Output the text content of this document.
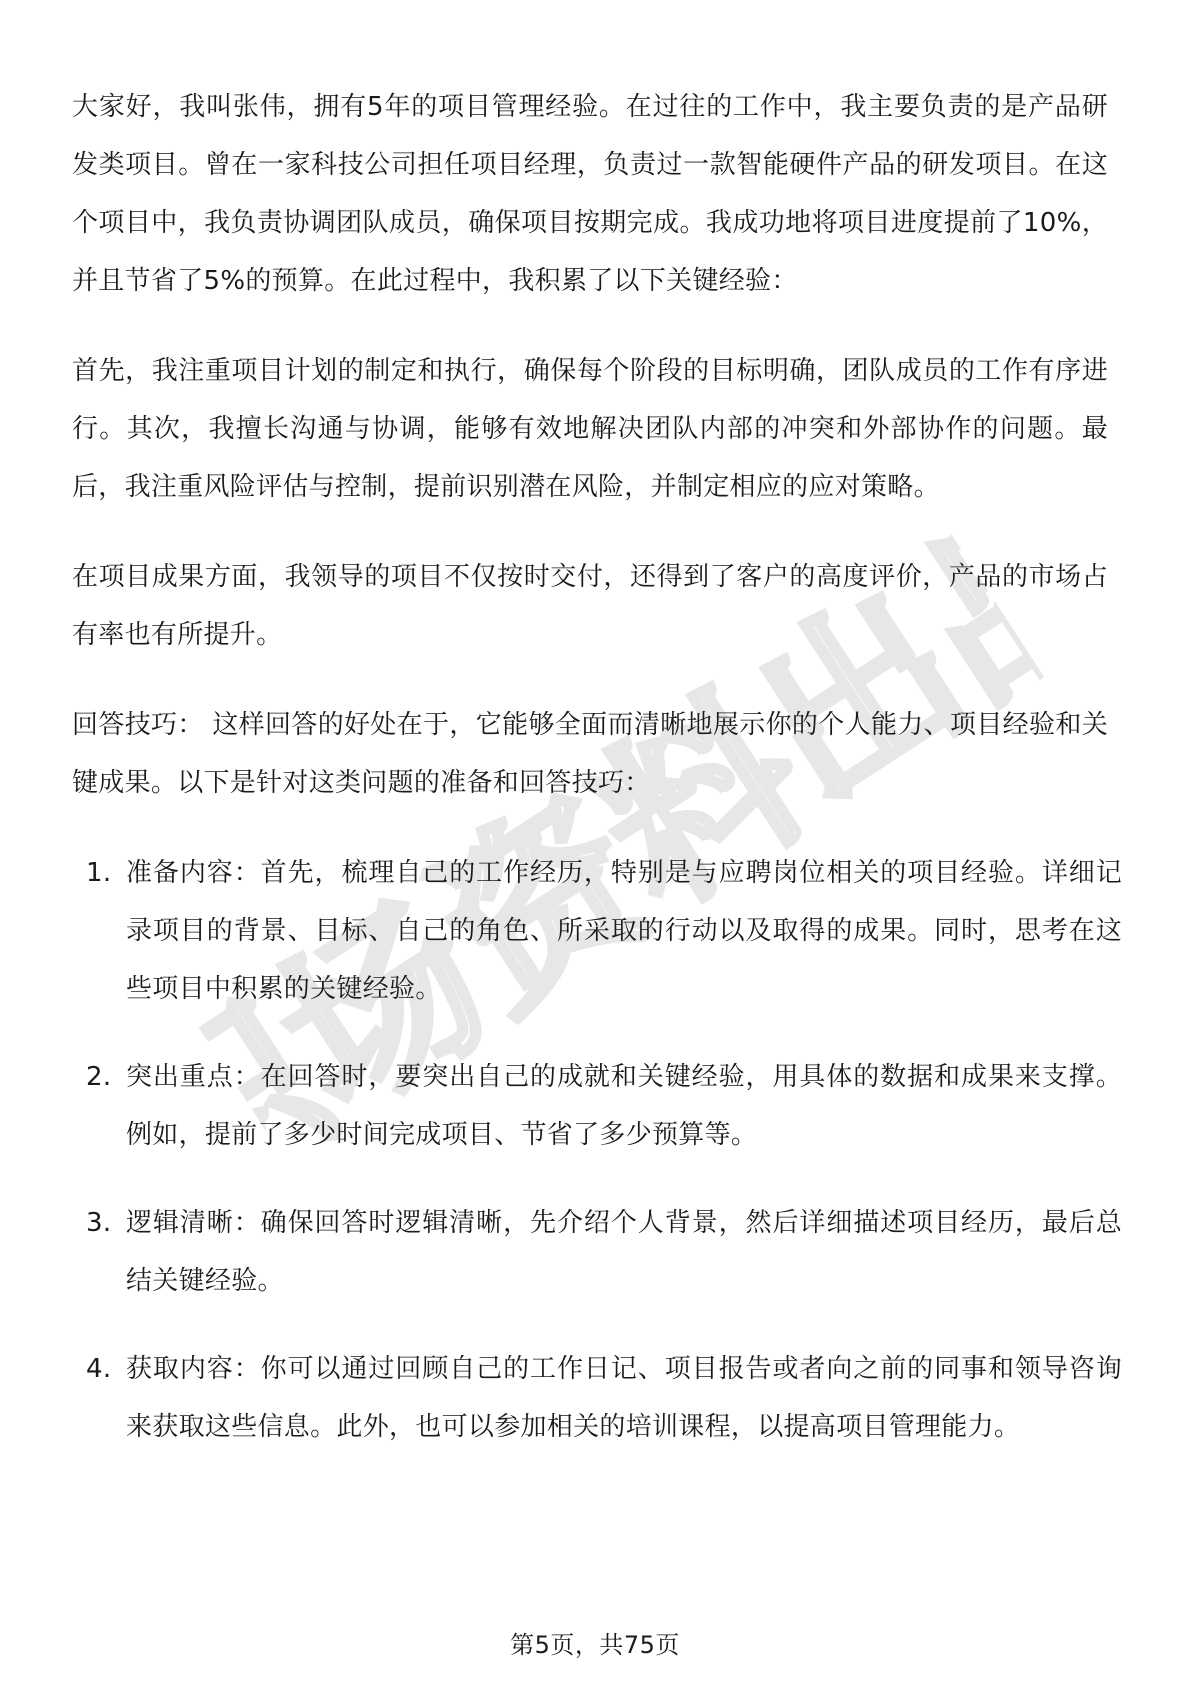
职场资料出品

大家好，我叫张伟，拥有5年的项目管理经验。在过往的工作中，我主要负责的是产品研发类项目。曾在一家科技公司担任项目经理，负责过一款智能硬件产品的研发项目。在这个项目中，我负责协调团队成员，确保项目按期完成。我成功地将项目进度提前了10%，并且节省了5%的预算。在此过程中，我积累了以下关键经验：

首先，我注重项目计划的制定和执行，确保每个阶段的目标明确，团队成员的工作有序进行。其次，我擅长沟通与协调，能够有效地解决团队内部的冲突和外部协作的问题。最后，我注重风险评估与控制，提前识别潜在风险，并制定相应的应对策略。

在项目成果方面，我领导的项目不仅按时交付，还得到了客户的高度评价，产品的市场占有率也有所提升。

回答技巧： 这样回答的好处在于，它能够全面而清晰地展示你的个人能力、项目经验和关键成果。以下是针对这类问题的准备和回答技巧：

1. 准备内容：首先，梳理自己的工作经历，特别是与应聘岗位相关的项目经验。详细记录项目的背景、目标、自己的角色、所采取的行动以及取得的成果。同时，思考在这些项目中积累的关键经验。
2. 突出重点：在回答时，要突出自己的成就和关键经验，用具体的数据和成果来支撑。例如，提前了多少时间完成项目、节省了多少预算等。
3. 逻辑清晰：确保回答时逻辑清晰，先介绍个人背景，然后详细描述项目经历，最后总结关键经验。
4. 获取内容：你可以通过回顾自己的工作日记、项目报告或者向之前的同事和领导咨询来获取这些信息。此外，也可以参加相关的培训课程，以提高项目管理能力。
第5页，共75页
